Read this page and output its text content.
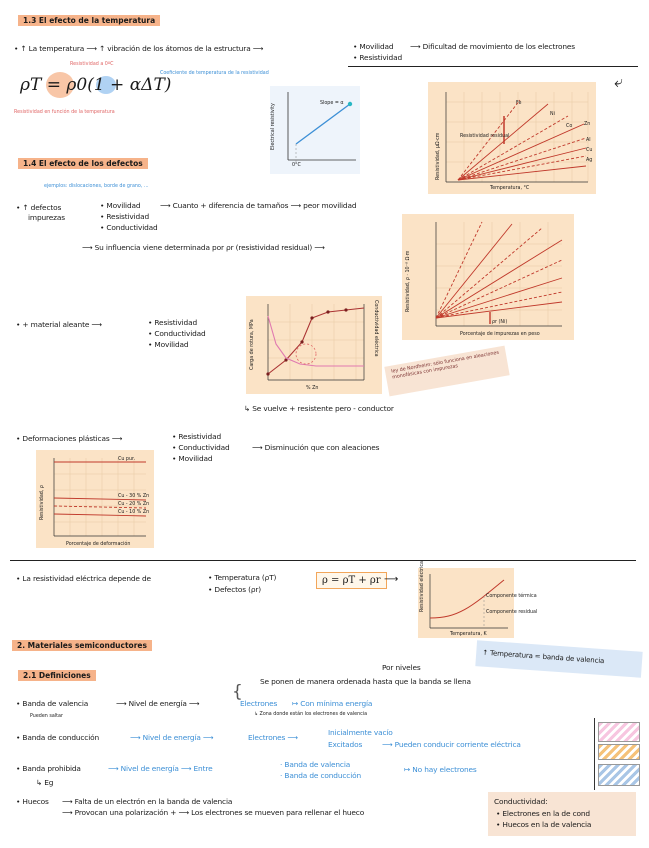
1.3 El efecto de la temperatura
• ↑ La temperatura ⟶ ↑ vibración de los átomos de la estructura ⟶	• Movilidad
• Resistividad
⟶ Dificultad de movimiento de los electrones
⤶
ρT = ρ0(1 + αΔT)
Resistividad a 0ºC
Coeficiente de temperatura de la resistividad
Resistividad en función de la temperatura	Electrical resistivity	Slope = α
0°C	Resistividad, μΩ·cm
Temperatura, °C
Resistividad residual
Fe
Ni
Co Zn
Al
Cu
Ag
1.4 El efecto de los defectos
ejemplos: dislocaciones, borde de grano, ...
• ↑ defectos
impurezas
• Movilidad
• Resistividad
• Conductividad
⟶ Cuanto + diferencia de tamaños ⟶ peor movilidad
⟶ Su influencia viene determinada por ρr (resistividad residual) ⟶
Resistividad, ρ · 10⁻⁸ Ω·m
Porcentaje de impurezas en peso
ρr (Ni)
• + material aleante ⟶	• Resistividad
• Conductividad
• Movilidad	Carga de rotura, MPa	Conductividad eléctrica
% Zn
ley de Nordheim: sólo funciona en aleaciones monofásicas con impurezas
↳ Se vuelve + resistente pero - conductor
• Deformaciones plásticas ⟶	• Resistividad
• Conductividad
• Movilidad
⟶ Disminución que con aleaciones
Resistividad, ρ
Porcentaje de deformación
Cu pur.
Cu - 30 % Zn
Cu - 20 % Zn
Cu - 10 % Zn
• La resistividad eléctrica depende de	• Temperatura (ρT)
• Defectos (ρr)
ρ = ρT + ρr ⟶	Resistividad eléctrica
Temperatura, K
Componente térmica
Componente residual
2. Materiales semiconductores
2.1 Definiciones
↑ Temperatura = banda de valencia
Por niveles
Se ponen de manera ordenada hasta que la banda se llena
• Banda de valencia	⟶ Nivel de energía ⟶
Pueden saltar
{
Electrones ↦ Con mínima energía
↳ Zona donde están los electrones de valencia
• Banda de conducción	⟶ Nivel de energía ⟶	Electrones ⟶
Inicialmente vacío
Excitados	⟶ Pueden conducir corriente eléctrica
• Banda prohibida
↳ Eg
⟶ Nivel de energía ⟶ Entre	· Banda de valencia
· Banda de conducción
↦ No hay electrones
• Huecos ⟶ Falta de un electrón en la banda de valencia
⟶ Provocan una polarización + ⟶ Los electrones se mueven para rellenar el hueco
Conductividad:
• Electrones en la de cond
• Huecos en la de valencia
